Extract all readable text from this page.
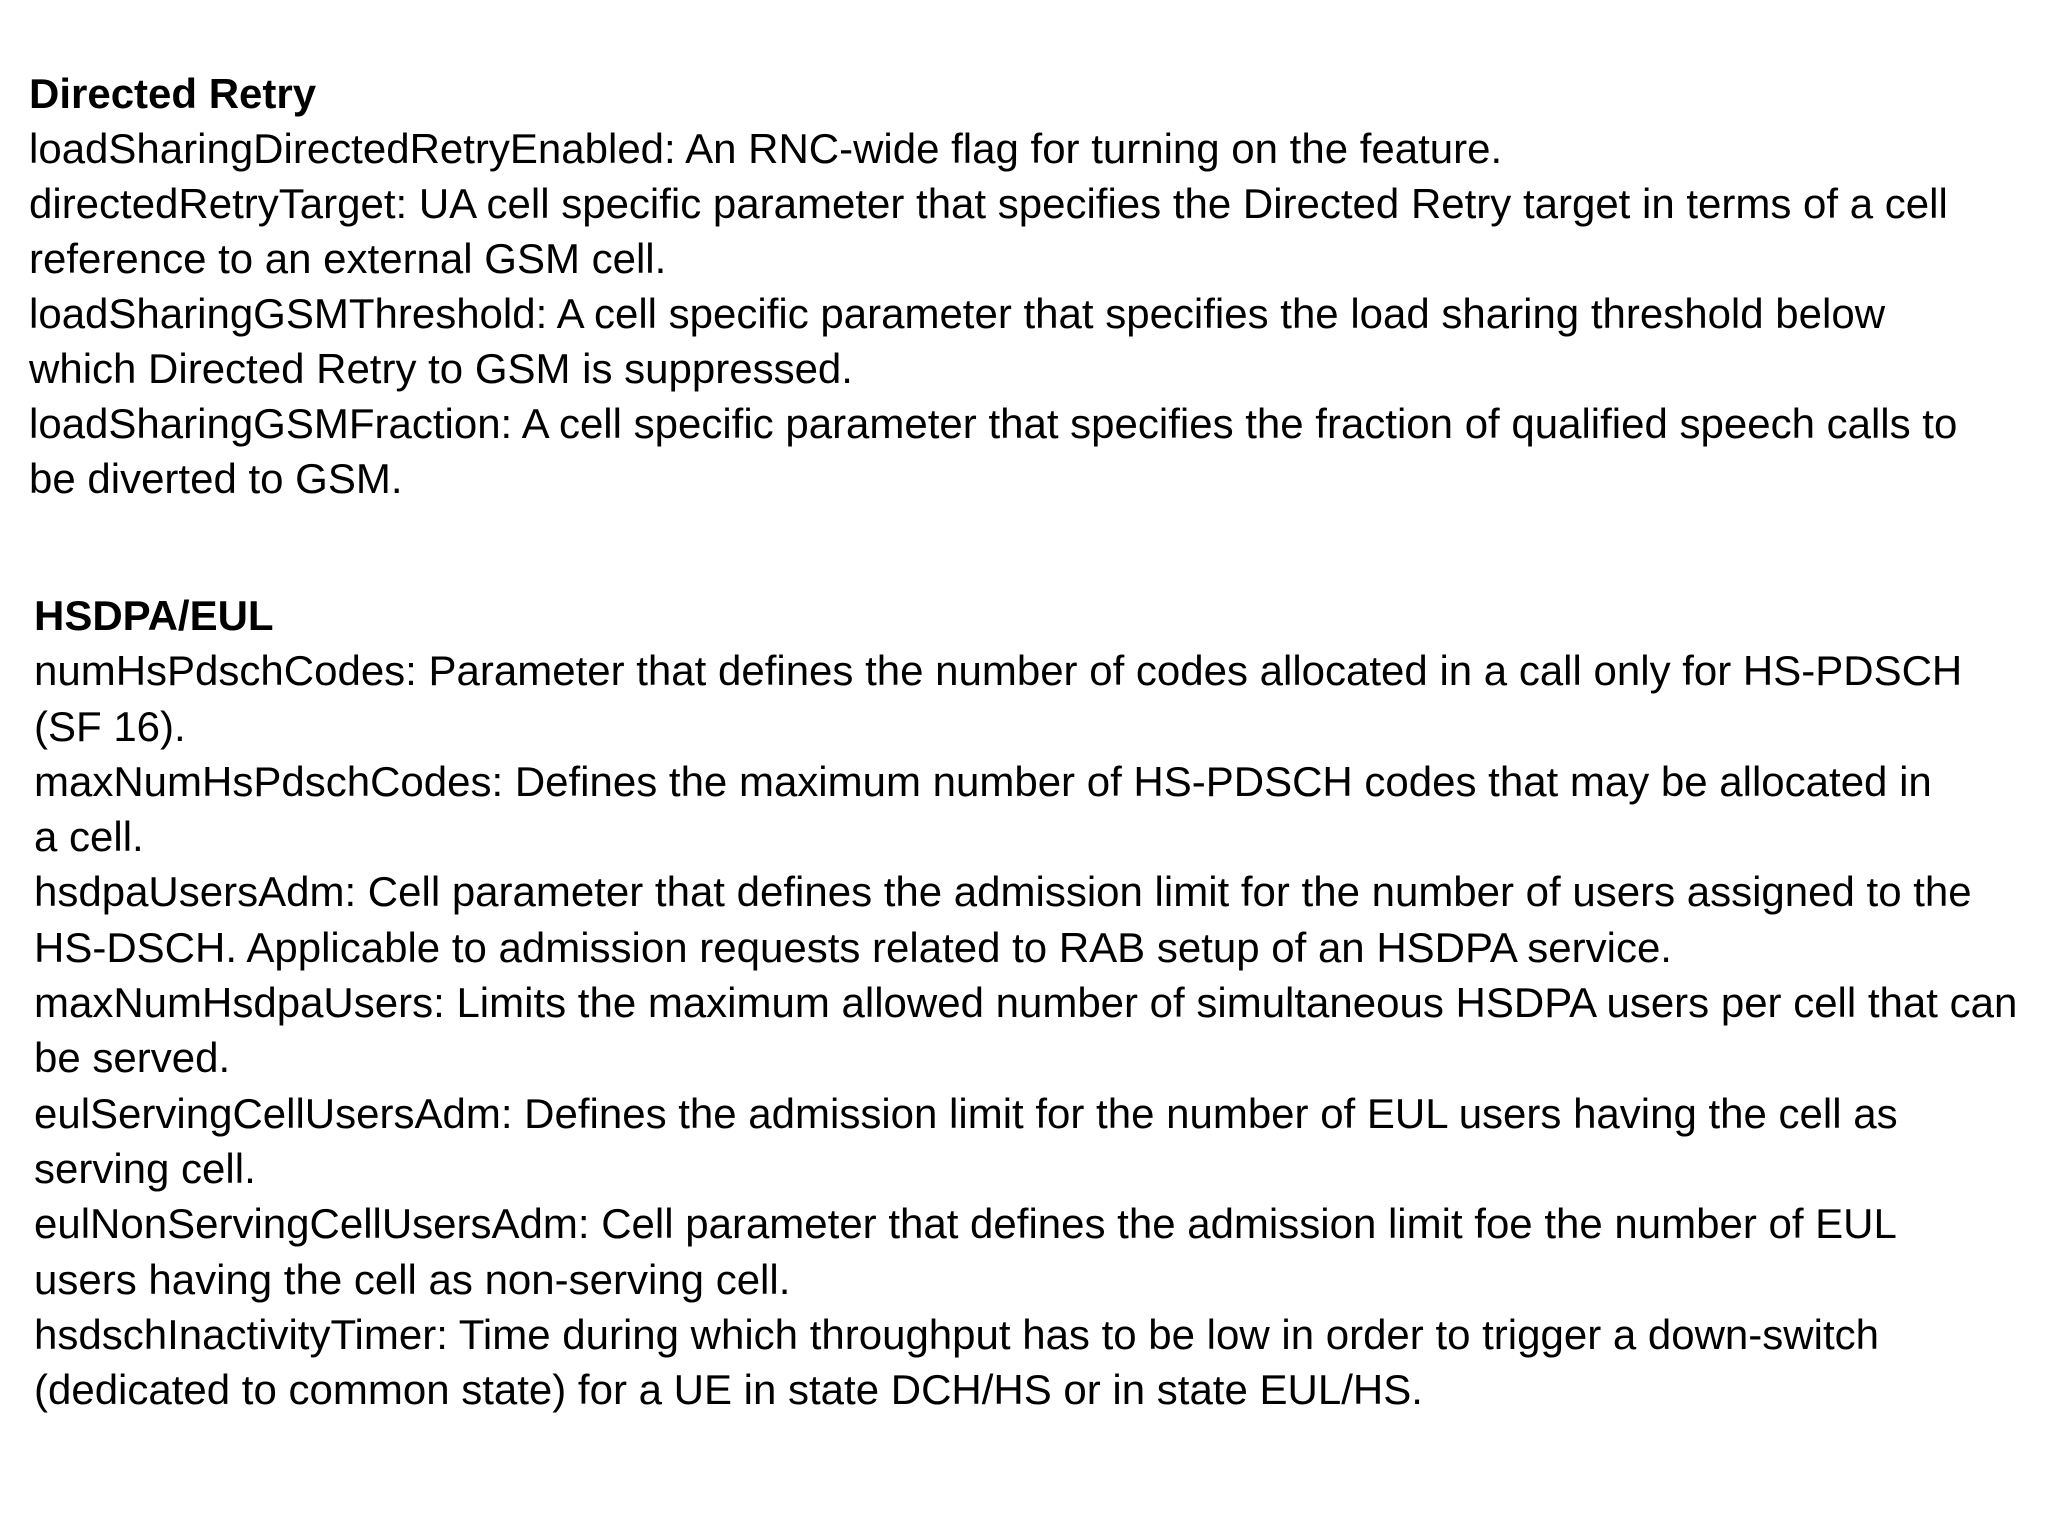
Directed Retry

loadSharingDirectedRetryEnabled: An RNC-wide flag for turning on the feature.

directedRetryTarget: UA cell specific parameter that specifies the Directed Retry target in terms of a cell reference to an external GSM cell.

loadSharingGSMThreshold: A cell specific parameter that specifies the load sharing threshold below which Directed Retry to GSM is suppressed.

loadSharingGSMFraction: A cell specific parameter that specifies the fraction of qualified speech calls to be diverted to GSM.

HSDPA/EUL

numHsPdschCodes: Parameter that defines the number of codes allocated in a call only for HS-PDSCH (SF 16).

maxNumHsPdschCodes: Defines the maximum number of HS-PDSCH codes that may be allocated in a cell.

hsdpaUsersAdm: Cell parameter that defines the admission limit for the number of users assigned to the HS-DSCH. Applicable to admission requests related to RAB setup of an HSDPA service.

maxNumHsdpaUsers: Limits the maximum allowed number of simultaneous HSDPA users per cell that can be served.

eulServingCellUsersAdm: Defines the admission limit for the number of EUL users having the cell as serving cell.

eulNonServingCellUsersAdm: Cell parameter that defines the admission limit foe the number of EUL users having the cell as non-serving cell.

hsdschInactivityTimer: Time during which throughput has to be low in order to trigger a down-switch (dedicated to common state) for a UE in state DCH/HS or in state EUL/HS.
